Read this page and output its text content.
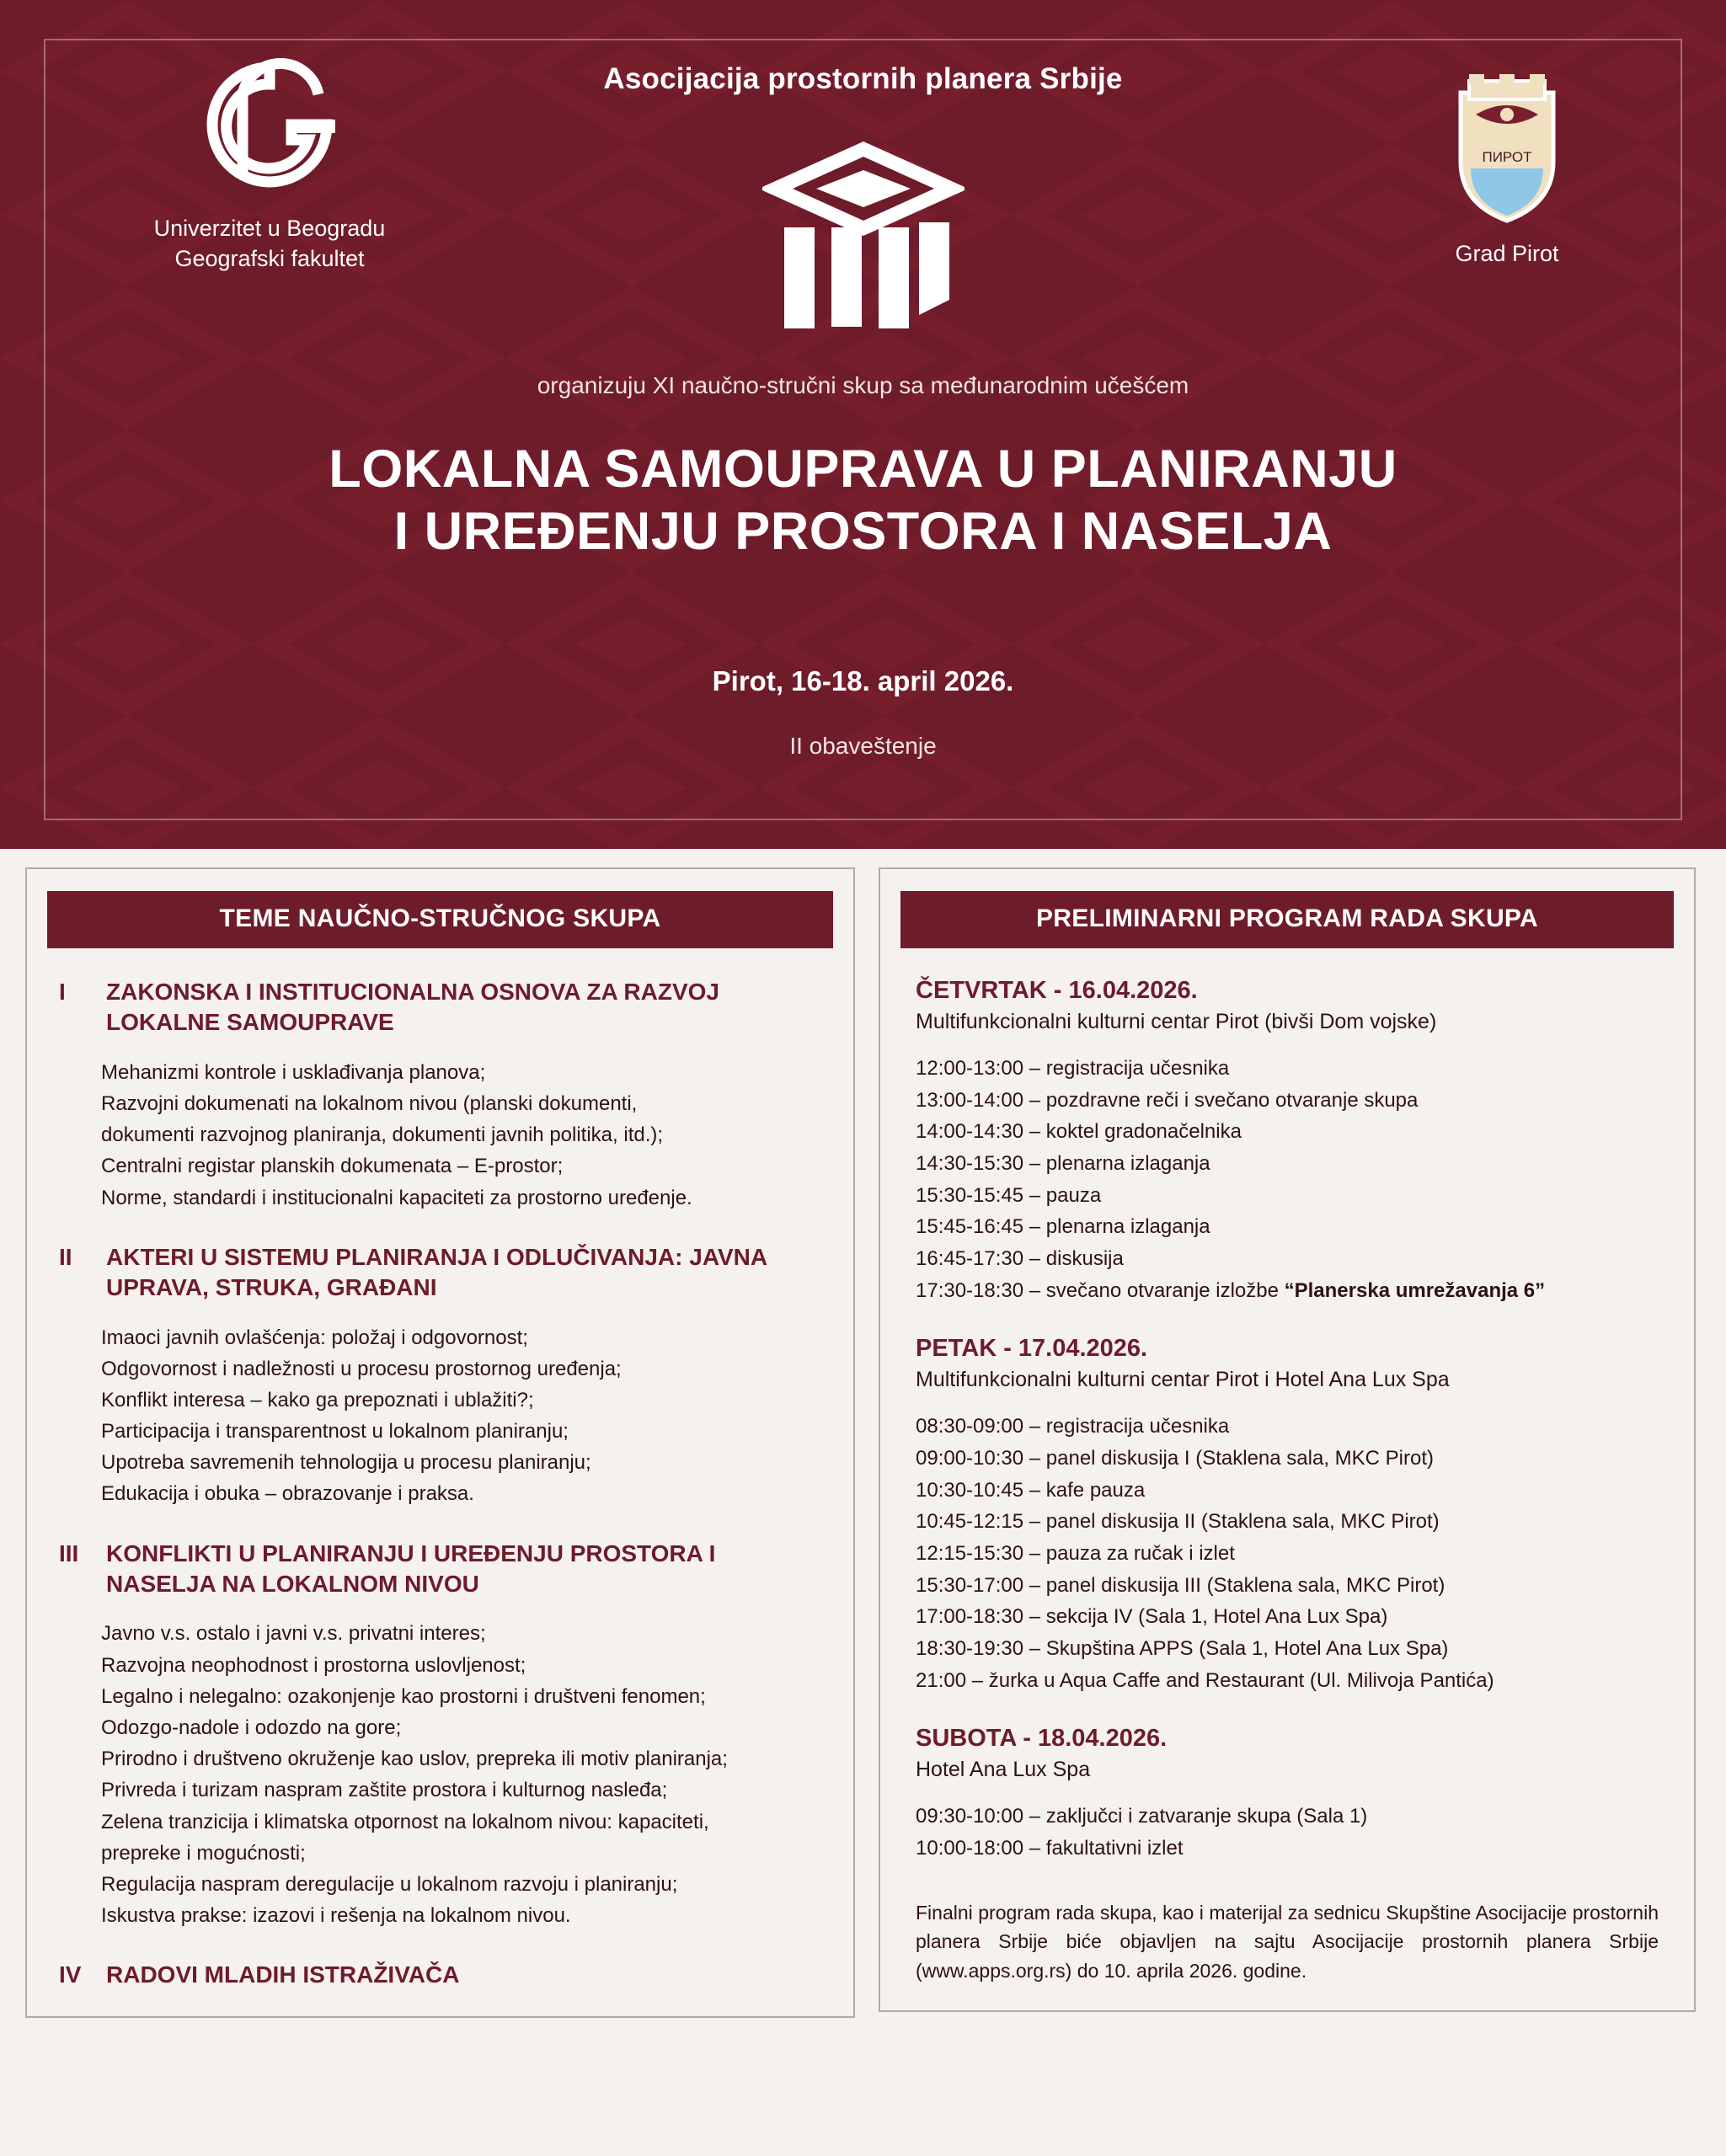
Asocijacija prostornih planera Srbije
Univerzitet u Beogradu
Geografski fakultet
ПИРОТ
Grad Pirot
organizuju XI naučno-stručni skup sa međunarodnim učešćem
LOKALNA SAMOUPRAVA U PLANIRANJU
I UREĐENJU PROSTORA I NASELJA
Pirot, 16-18. april 2026.
II obaveštenje
TEME NAUČNO-STRUČNOG SKUPA
I	ZAKONSKA I INSTITUCIONALNA OSNOVA ZA RAZVOJ LOKALNE SAMOUPRAVE
Mehanizmi kontrole i usklađivanja planova;
Razvojni dokumenati na lokalnom nivou (planski dokumenti,
dokumenti razvojnog planiranja, dokumenti javnih politika, itd.);
Centralni registar planskih dokumenata – E-prostor;
Norme, standardi i institucionalni kapaciteti za prostorno uređenje.
II	AKTERI U SISTEMU PLANIRANJA I ODLUČIVANJA: JAVNA UPRAVA, STRUKA, GRAĐANI
Imaoci javnih ovlašćenja: položaj i odgovornost;
Odgovornost i nadležnosti u procesu prostornog uređenja;
Konflikt interesa – kako ga prepoznati i ublažiti?;
Participacija i transparentnost u lokalnom planiranju;
Upotreba savremenih tehnologija u procesu planiranju;
Edukacija i obuka – obrazovanje i praksa.
III	KONFLIKTI U PLANIRANJU I UREĐENJU PROSTORA I NASELJA NA LOKALNOM NIVOU
Javno v.s. ostalo i javni v.s. privatni interes;
Razvojna neophodnost i prostorna uslovljenost;
Legalno i nelegalno: ozakonjenje kao prostorni i društveni fenomen;
Odozgo-nadole i odozdo na gore;
Prirodno i društveno okruženje kao uslov, prepreka ili motiv planiranja;
Privreda i turizam naspram zaštite prostora i kulturnog nasleđa;
Zelena tranzicija i klimatska otpornost na lokalnom nivou: kapaciteti,
prepreke i mogućnosti;
Regulacija naspram deregulacije u lokalnom razvoju i planiranju;
Iskustva prakse: izazovi i rešenja na lokalnom nivou.
IV RADOVI MLADIH ISTRAŽIVAČA
PRELIMINARNI PROGRAM RADA SKUPA
ČETVRTAK - 16.04.2026.
Multifunkcionalni kulturni centar Pirot (bivši Dom vojske)
12:00-13:00 – registracija učesnika
13:00-14:00 – pozdravne reči i svečano otvaranje skupa
14:00-14:30 – koktel gradonačelnika
14:30-15:30 – plenarna izlaganja
15:30-15:45 – pauza
15:45-16:45 – plenarna izlaganja
16:45-17:30 – diskusija
17:30-18:30 – svečano otvaranje izložbe “Planerska umrežavanja 6”
PETAK - 17.04.2026.
Multifunkcionalni kulturni centar Pirot i Hotel Ana Lux Spa
08:30-09:00 – registracija učesnika
09:00-10:30 – panel diskusija I (Staklena sala, MKC Pirot)
10:30-10:45 – kafe pauza
10:45-12:15 – panel diskusija II (Staklena sala, MKC Pirot)
12:15-15:30 – pauza za ručak i izlet
15:30-17:00 – panel diskusija III (Staklena sala, MKC Pirot)
17:00-18:30 – sekcija IV (Sala 1, Hotel Ana Lux Spa)
18:30-19:30 – Skupština APPS (Sala 1, Hotel Ana Lux Spa)
21:00 – žurka u Aqua Caffe and Restaurant (Ul. Milivoja Pantića)
SUBOTA - 18.04.2026.
Hotel Ana Lux Spa
09:30-10:00 – zaključci i zatvaranje skupa (Sala 1)
10:00-18:00 – fakultativni izlet
Finalni program rada skupa, kao i materijal za sednicu Skupštine Asocijacije prostornih planera Srbije biće objavljen na sajtu Asocijacije prostornih planera Srbije (www.apps.org.rs) do 10. aprila 2026. godine.
